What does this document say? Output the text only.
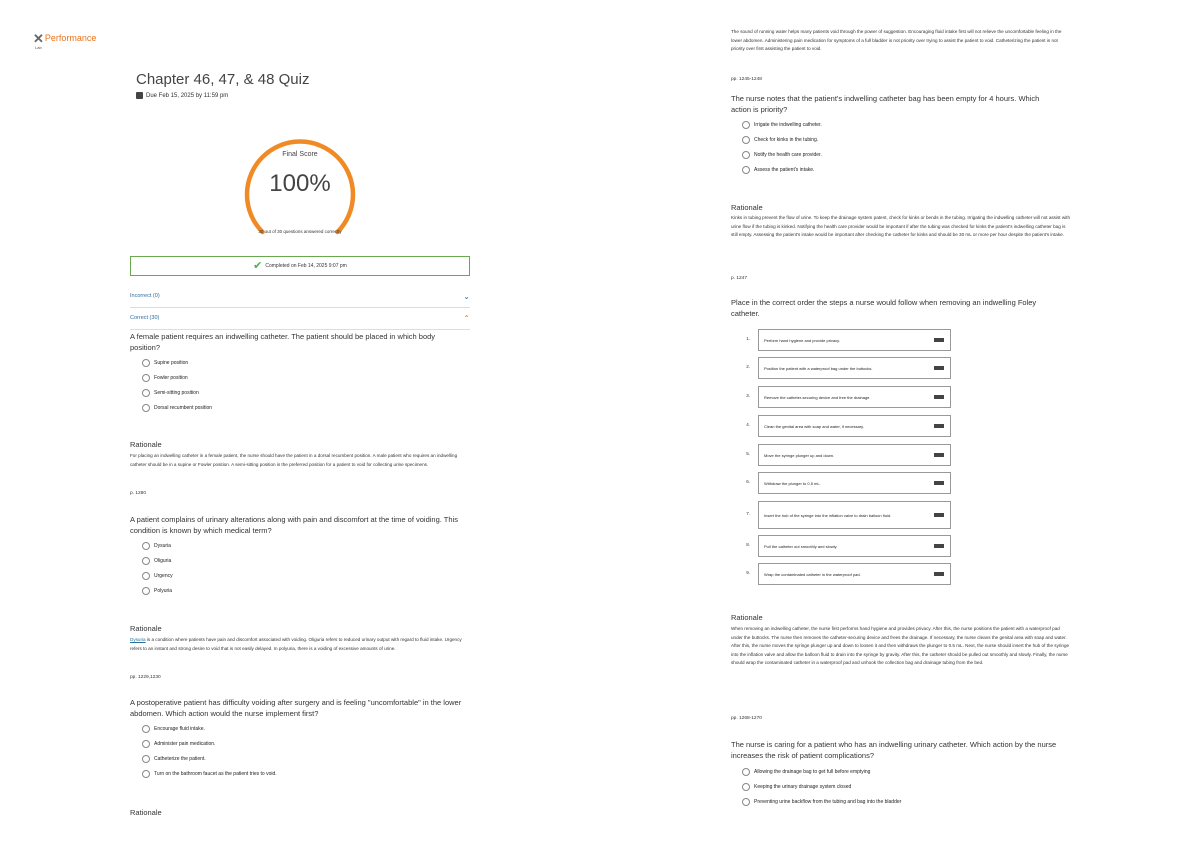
✕ Performance
Lab
Chapter 46, 47, & 48 Quiz
Due Feb 15, 2025 by 11:59 pm
Final Score
100%
30 out of 30 questions answered correctly
✔ Completed on Feb 14, 2025 9:07 pm
Incorrect (0)	⌄
Correct (30)	⌃
A female patient requires an indwelling catheter. The patient should be placed in which body position?
Supine position
Fowler position
Semi-sitting position
Dorsal recumbent position
Rationale
For placing an indwelling catheter in a female patient, the nurse should have the patient in a dorsal recumbent position. A male patient who requires an indwelling catheter should be in a supine or Fowler position. A semi-sitting position is the preferred position for a patient to void for collecting urine specimens.
p. 1280
A patient complains of urinary alterations along with pain and discomfort at the time of voiding. This condition is known by which medical term?
Dysuria
Oliguria
Urgency
Polyuria
Rationale
Dysuria is a condition where patients have pain and discomfort associated with voiding. Oliguria refers to reduced urinary output with regard to fluid intake. Urgency refers to an instant and strong desire to void that is not easily delayed. In polyuria, there is a voiding of excessive amounts of urine.
pp. 1229,1230
A postoperative patient has difficulty voiding after surgery and is feeling "uncomfortable" in the lower abdomen. Which action would the nurse implement first?
Encourage fluid intake.
Administer pain medication.
Catheterize the patient.
Turn on the bathroom faucet as the patient tries to void.
Rationale
The sound of running water helps many patients void through the power of suggestion. Encouraging fluid intake first will not relieve the uncomfortable feeling in the lower abdomen. Administering pain medication for symptoms of a full bladder is not priority over trying to assist the patient to void. Catheterizing the patient is not priority over first assisting the patient to void.
pp. 1245-1248
The nurse notes that the patient's indwelling catheter bag has been empty for 4 hours. Which action is priority?
Irrigate the indwelling catheter.
Check for kinks in the tubing.
Notify the health care provider.
Assess the patient's intake.
Rationale
Kinks in tubing prevent the flow of urine. To keep the drainage system patent, check for kinks or bends in the tubing. Irrigating the indwelling catheter will not assist with urine flow if the tubing is kinked. Notifying the health care provider would be important if after the tubing was checked for kinks the patient's indwelling catheter bag is still empty. Assessing the patient's intake would be important after checking the catheter for kinks and should be 30 mL or more per hour despite the patient's intake.
p. 1247
Place in the correct order the steps a nurse would follow when removing an indwelling Foley catheter.
1.	Perform hand hygiene and provide privacy.
2.	Position the patient with a waterproof bag under the buttocks.
3.	Remove the catheter-securing device and free the drainage.
4.	Clean the genital area with soap and water, if necessary.
5.	Move the syringe plunger up and down.
6.	Withdraw the plunger to 0.5 mL.
7.	Insert the hub of the syringe into the inflation valve to drain balloon fluid.
8.	Pull the catheter out smoothly and slowly.
9.	Wrap the contaminated catheter in the waterproof pad.
Rationale
When removing an indwelling catheter, the nurse first performs hand hygiene and provides privacy. After this, the nurse positions the patient with a waterproof pad under the buttocks. The nurse then removes the catheter-securing device and frees the drainage. If necessary, the nurse cleans the genital area with soap and water. After this, the nurse moves the syringe plunger up and down to loosen it and then withdraws the plunger to 0.5 mL. Next, the nurse should insert the hub of the syringe into the inflation valve and allow the balloon fluid to drain into the syringe by gravity. After this, the catheter should be pulled out smoothly and slowly. Finally, the nurse should wrap the contaminated catheter in a waterproof pad and unhook the collection bag and drainage tubing from the bed.
pp. 1268-1270
The nurse is caring for a patient who has an indwelling urinary catheter. Which action by the nurse increases the risk of patient complications?
Allowing the drainage bag to get full before emptying
Keeping the urinary drainage system closed
Preventing urine backflow from the tubing and bag into the bladder
